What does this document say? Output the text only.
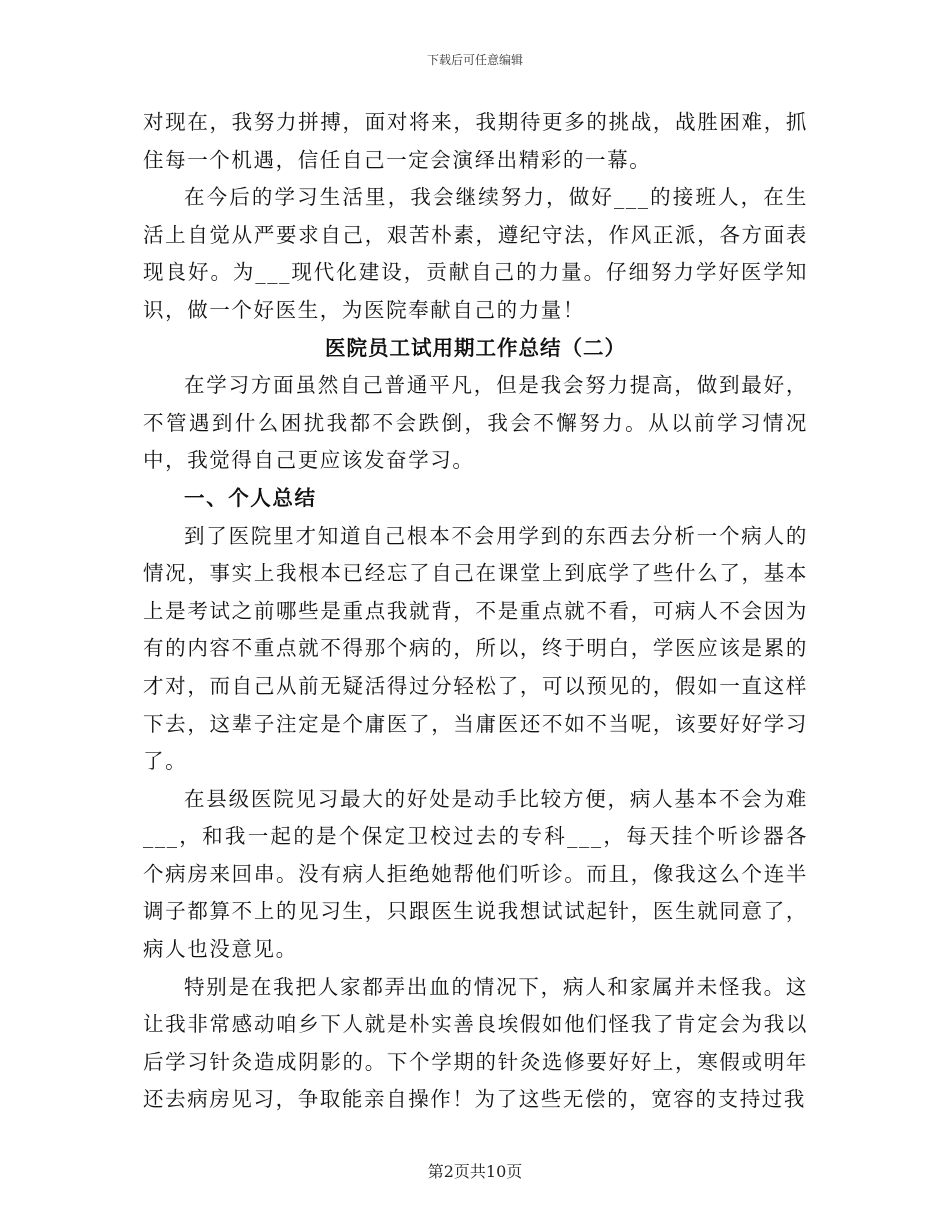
下载后可任意编辑

对现在，我努力拼搏，面对将来，我期待更多的挑战，战胜困难，抓住每一个机遇，信任自己一定会演绎出精彩的一幕。

在今后的学习生活里，我会继续努力，做好___的接班人，在生活上自觉从严要求自己，艰苦朴素，遵纪守法，作风正派，各方面表现良好。为___现代化建设，贡献自己的力量。仔细努力学好医学知识，做一个好医生，为医院奉献自己的力量！

医院员工试用期工作总结（二）

在学习方面虽然自己普通平凡，但是我会努力提高，做到最好，不管遇到什么困扰我都不会跌倒，我会不懈努力。从以前学习情况中，我觉得自己更应该发奋学习。

一、个人总结

到了医院里才知道自己根本不会用学到的东西去分析一个病人的情况，事实上我根本已经忘了自己在课堂上到底学了些什么了，基本上是考试之前哪些是重点我就背，不是重点就不看，可病人不会因为有的内容不重点就不得那个病的，所以，终于明白，学医应该是累的才对，而自己从前无疑活得过分轻松了，可以预见的，假如一直这样下去，这辈子注定是个庸医了，当庸医还不如不当呢，该要好好学习了。

在县级医院见习最大的好处是动手比较方便，病人基本不会为难___，和我一起的是个保定卫校过去的专科___，每天挂个听诊器各个病房来回串。没有病人拒绝她帮他们听诊。而且，像我这么个连半调子都算不上的见习生，只跟医生说我想试试起针，医生就同意了，病人也没意见。

特别是在我把人家都弄出血的情况下，病人和家属并未怪我。这让我非常感动咱乡下人就是朴实善良埃假如他们怪我了肯定会为我以后学习针灸造成阴影的。下个学期的针灸选修要好好上，寒假或明年还去病房见习，争取能亲自操作！为了这些无偿的，宽容的支持过我

第2页共10页
